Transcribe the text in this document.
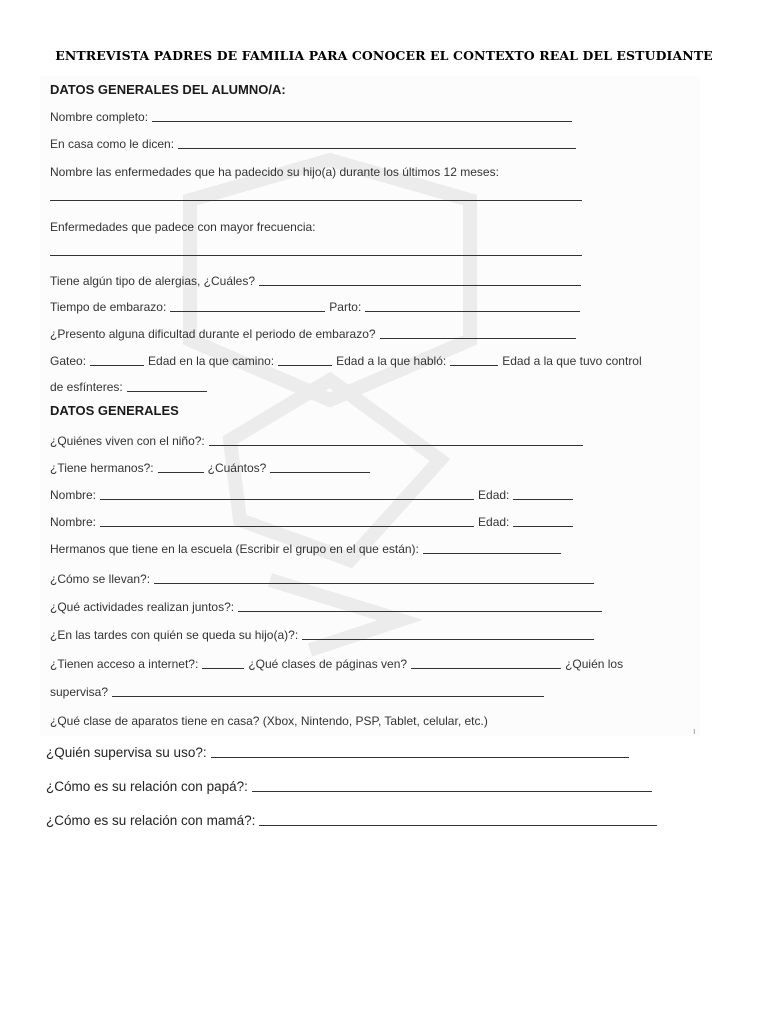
ENTREVISTA PADRES DE FAMILIA PARA CONOCER EL CONTEXTO REAL DEL ESTUDIANTE
DATOS GENERALES DEL ALUMNO/A:
Nombre completo:
En casa como le dicen:
Nombre las enfermedades que ha padecido su hijo(a) durante los últimos 12 meses:
Enfermedades que padece con mayor frecuencia:
Tiene algún tipo de alergias, ¿Cuáles?
Tiempo de embarazo:	Parto:
¿Presento alguna dificultad durante el periodo de embarazo?
Gateo:	Edad en la que camino:	Edad a la que habló:	Edad a la que tuvo control
de esfínteres:
DATOS GENERALES
¿Quiénes viven con el niño?:
¿Tiene hermanos?:	¿Cuántos?
Nombre:	Edad:
Nombre:	Edad:
Hermanos que tiene en la escuela (Escribir el grupo en el que están):
¿Cómo se llevan?:
¿Qué actividades realizan juntos?:
¿En las tardes con quién se queda su hijo(a)?:
¿Tienen acceso a internet?:	¿Qué clases de páginas ven?	¿Quién los
supervisa?
¿Qué clase de aparatos tiene en casa? (Xbox, Nintendo, PSP, Tablet, celular, etc.)
ı
¿Quién supervisa su uso?:
¿Cómo es su relación con papá?:
¿Cómo es su relación con mamá?:
